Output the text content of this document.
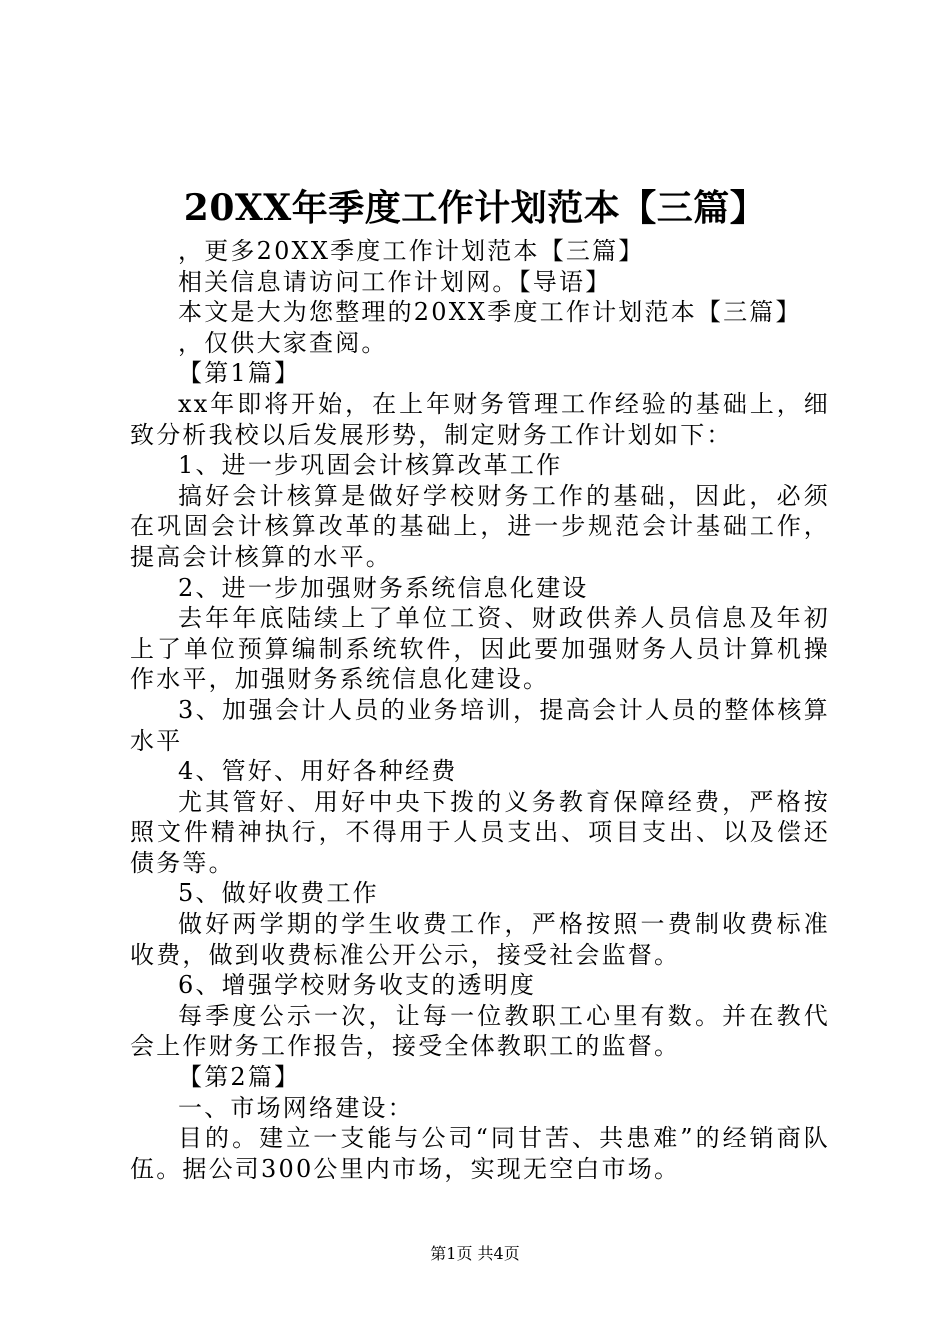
20XX年季度工作计划范本【三篇】

，更多20XX季度工作计划范本【三篇】

相关信息请访问工作计划网。【导语】

本文是大为您整理的20XX季度工作计划范本【三篇】

，仅供大家查阅。

【第1篇】

xx年即将开始，在上年财务管理工作经验的基础上，细致分析我校以后发展形势，制定财务工作计划如下：

1、进一步巩固会计核算改革工作

搞好会计核算是做好学校财务工作的基础，因此，必须在巩固会计核算改革的基础上，进一步规范会计基础工作，提高会计核算的水平。

2、进一步加强财务系统信息化建设

去年年底陆续上了单位工资、财政供养人员信息及年初上了单位预算编制系统软件，因此要加强财务人员计算机操作水平，加强财务系统信息化建设。

3、加强会计人员的业务培训，提高会计人员的整体核算水平

4、管好、用好各种经费

尤其管好、用好中央下拨的义务教育保障经费，严格按照文件精神执行，不得用于人员支出、项目支出、以及偿还债务等。

5、做好收费工作

做好两学期的学生收费工作，严格按照一费制收费标准收费，做到收费标准公开公示，接受社会监督。

6、增强学校财务收支的透明度

每季度公示一次，让每一位教职工心里有数。并在教代会上作财务工作报告，接受全体教职工的监督。

【第2篇】

一、市场网络建设：

目的。建立一支能与公司“同甘苦、共患难”的经销商队伍。据公司300公里内市场，实现无空白市场。

第1页 共4页
